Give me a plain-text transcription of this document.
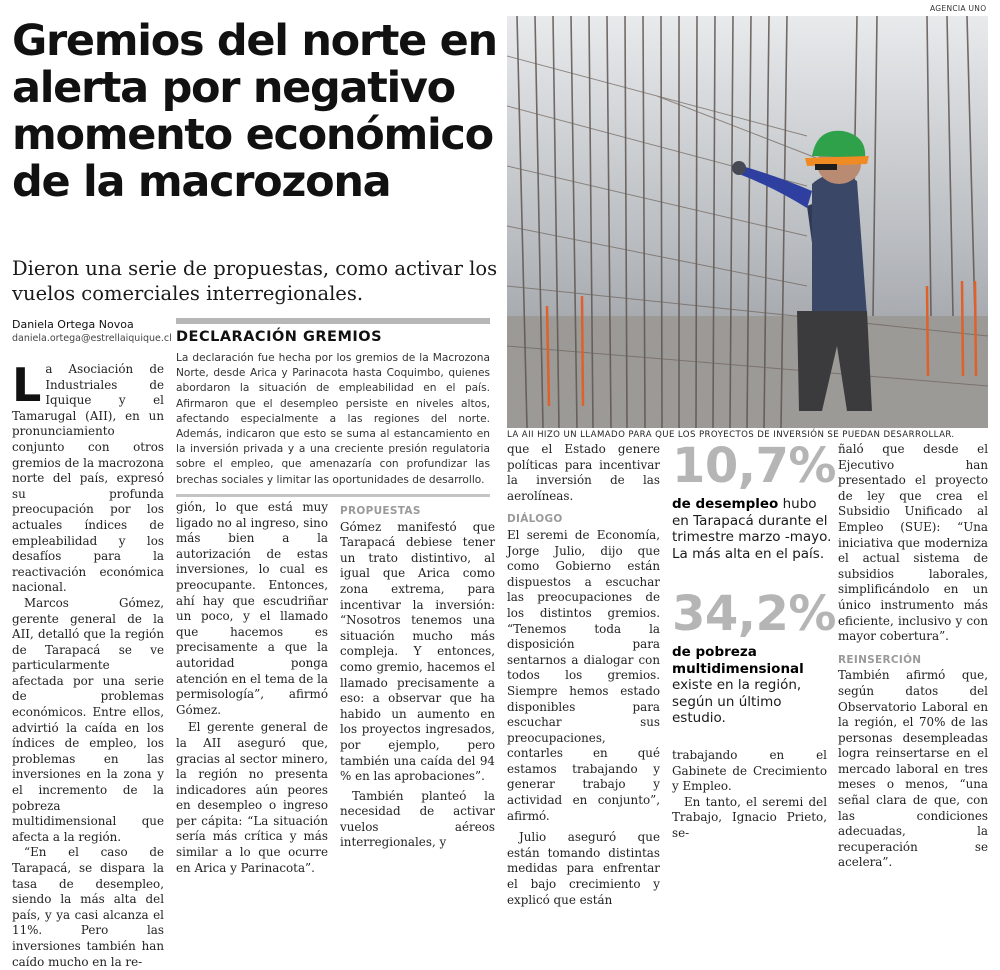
AGENCIA UNO
Gremios del norte en alerta por negativo momento económico de la macrozona
Dieron una serie de propuestas, como activar los vuelos comerciales interregionales.
Daniela Ortega Novoa
daniela.ortega@estrellaiquique.cl
LA AII HIZO UN LLAMADO PARA QUE LOS PROYECTOS DE INVERSIÓN SE PUEDAN DESARROLLAR.

La Asociación de Industriales de Iquique y el Tamarugal (AII), en un pronunciamiento conjunto con otros gremios de la macrozona norte del país, expresó su profunda preocupación por los actuales índices de empleabilidad y los desafíos para la reactivación económica nacional.

Marcos Gómez, gerente general de la AII, detalló que la región de Tarapacá se ve particularmente afectada por una serie de problemas económicos. Entre ellos, advirtió la caída en los índices de empleo, los problemas en las inversiones en la zona y el incremento de la pobreza multidimensional que afecta a la región.

“En el caso de Tarapacá, se dispara la tasa de desempleo, siendo la más alta del país, y ya casi alcanza el 11%. Pero las inversiones también han caído mucho en la re-

DECLARACIÓN GREMIOS
La declaración fue hecha por los gremios de la Macrozona Norte, desde Arica y Parinacota hasta Coquimbo, quienes abordaron la situación de empleabilidad en el país. Afirmaron que el desempleo persiste en niveles altos, afectando especialmente a las regiones del norte. Además, indicaron que esto se suma al estancamiento en la inversión privada y a una creciente presión regulatoria sobre el empleo, que amenazaría con profundizar las brechas sociales y limitar las oportunidades de desarrollo.

gión, lo que está muy ligado no al ingreso, sino más bien a la autorización de estas inversiones, lo cual es preocupante. Entonces, ahí hay que escudriñar un poco, y el llamado que hacemos es precisamente a que la autoridad ponga atención en el tema de la permisología”, afirmó Gómez.

El gerente general de la AII aseguró que, gracias al sector minero, la región no presenta indicadores aún peores en desempleo o ingreso per cápita: “La situación sería más crítica y más similar a lo que ocurre en Arica y Parinacota”.

PROPUESTAS

Gómez manifestó que Tarapacá debiese tener un trato distintivo, al igual que Arica como zona extrema, para incentivar la inversión: “Nosotros tenemos una situación mucho más compleja. Y entonces, como gremio, hacemos el llamado precisamente a eso: a observar que ha habido un aumento en los proyectos ingresados, por ejemplo, pero también una caída del 94 % en las aprobaciones”.

También planteó la necesidad de activar vuelos aéreos interregionales, y

que el Estado genere políticas para incentivar la inversión de las aerolíneas.

DIÁLOGO

El seremi de Economía, Jorge Julio, dijo que como Gobierno están dispuestos a escuchar las preocupaciones de los distintos gremios. “Tenemos toda la disposición para sentarnos a dialogar con todos los gremios. Siempre hemos estado disponibles para escuchar sus preocupaciones, contarles en qué estamos trabajando y generar trabajo y actividad en conjunto”, afirmó.

Julio aseguró que están tomando distintas medidas para enfrentar el bajo crecimiento y explicó que están

10,7%
de desempleo hubo en Tarapacá durante el trimestre marzo -mayo. La más alta en el país.
34,2%
de pobreza multidimensional existe en la región, según un último estudio.

trabajando en el Gabinete de Crecimiento y Empleo.

En tanto, el seremi del Trabajo, Ignacio Prieto, se-

ñaló que desde el Ejecutivo han presentado el proyecto de ley que crea el Subsidio Unificado al Empleo (SUE): “Una iniciativa que moderniza el actual sistema de subsidios laborales, simplificándolo en un único instrumento más eficiente, inclusivo y con mayor cobertura”.

REINSERCIÓN

También afirmó que, según datos del Observatorio Laboral en la región, el 70% de las personas desempleadas logra reinsertarse en el mercado laboral en tres meses o menos, “una señal clara de que, con las condiciones adecuadas, la recuperación se acelera”.
